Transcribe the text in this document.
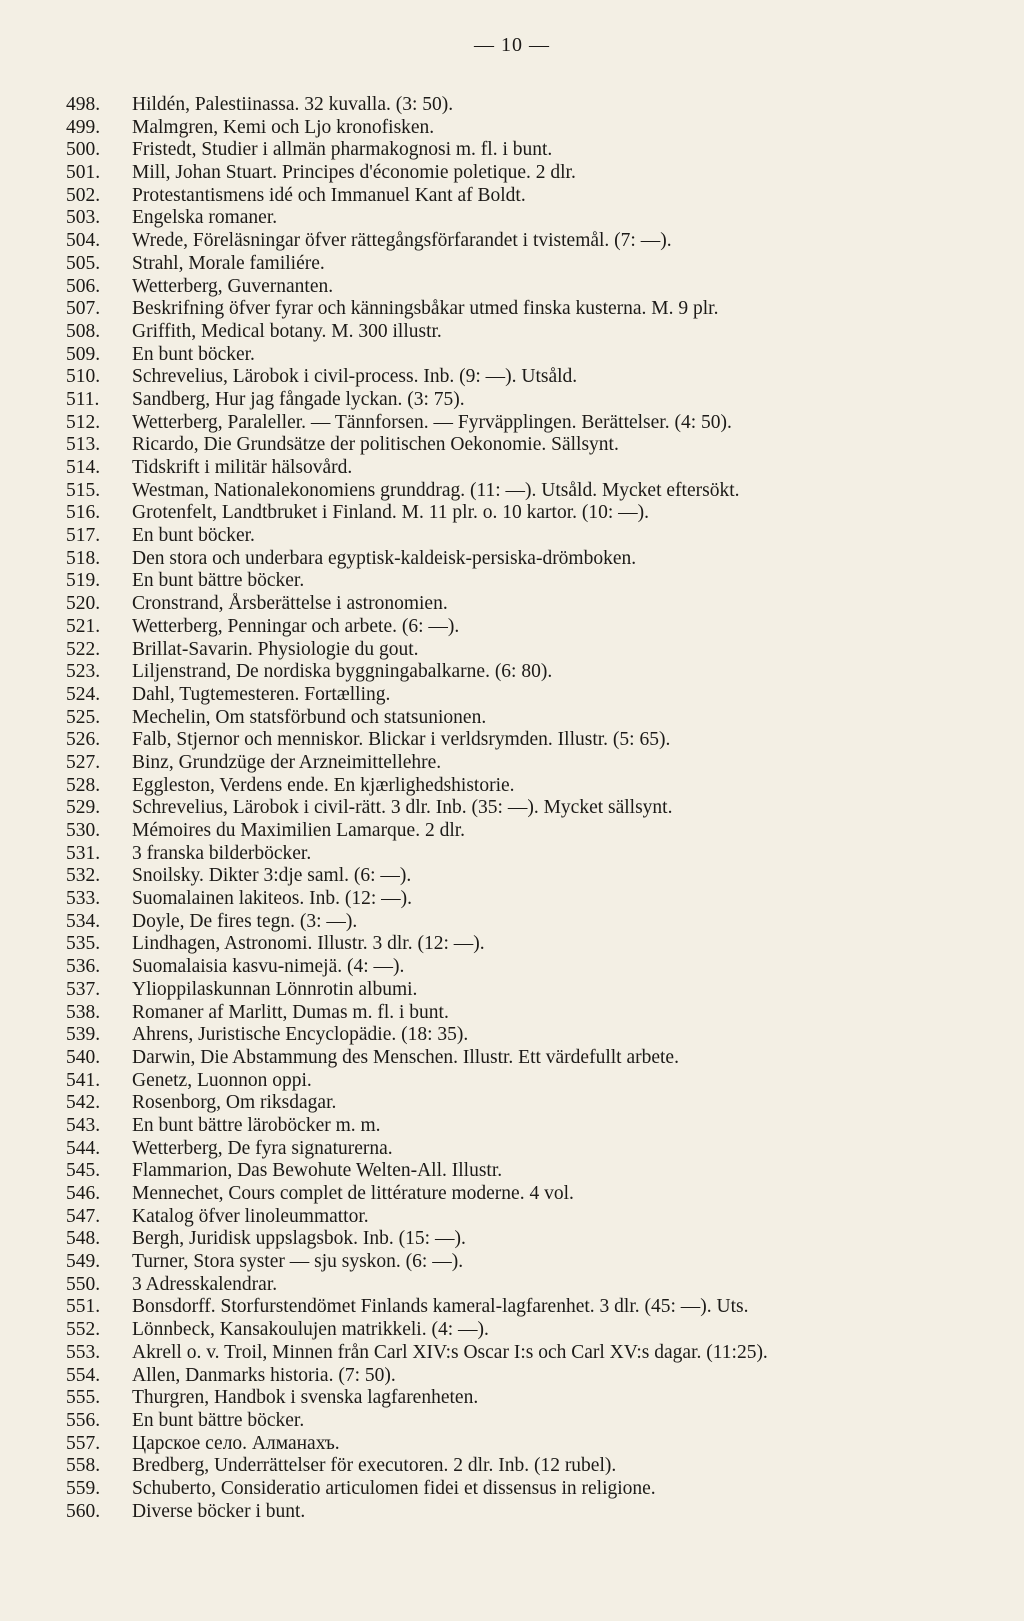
— 10 —
498.	Hildén, Palestiinassa. 32 kuvalla. (3: 50).
499.	Malmgren, Kemi och Ljo kronofisken.
500.	Fristedt, Studier i allmän pharmakognosi m. fl. i bunt.
501.	Mill, Johan Stuart. Principes d'économie poletique. 2 dlr.
502.	Protestantismens idé och Immanuel Kant af Boldt.
503.	Engelska romaner.
504.	Wrede, Föreläsningar öfver rättegångsförfarandet i tvistemål. (7: —).
505.	Strahl, Morale familiére.
506.	Wetterberg, Guvernanten.
507.	Beskrifning öfver fyrar och känningsbåkar utmed finska kusterna. M. 9 plr.
508.	Griffith, Medical botany. M. 300 illustr.
509.	En bunt böcker.
510.	Schrevelius, Lärobok i civil-process. Inb. (9: —). Utsåld.
511.	Sandberg, Hur jag fångade lyckan. (3: 75).
512.	Wetterberg, Paraleller. — Tännforsen. — Fyrväpplingen. Berättelser. (4: 50).
513.	Ricardo, Die Grundsätze der politischen Oekonomie. Sällsynt.
514.	Tidskrift i militär hälsovård.
515.	Westman, Nationalekonomiens grunddrag. (11: —). Utsåld. Mycket eftersökt.
516.	Grotenfelt, Landtbruket i Finland. M. 11 plr. o. 10 kartor. (10: —).
517.	En bunt böcker.
518.	Den stora och underbara egyptisk-kaldeisk-persiska-drömboken.
519.	En bunt bättre böcker.
520.	Cronstrand, Årsberättelse i astronomien.
521.	Wetterberg, Penningar och arbete. (6: —).
522.	Brillat-Savarin. Physiologie du gout.
523.	Liljenstrand, De nordiska byggningabalkarne. (6: 80).
524.	Dahl, Tugtemesteren. Fortælling.
525.	Mechelin, Om statsförbund och statsunionen.
526.	Falb, Stjernor och menniskor. Blickar i verldsrymden. Illustr. (5: 65).
527.	Binz, Grundzüge der Arzneimittellehre.
528.	Eggleston, Verdens ende. En kjærlighedshistorie.
529.	Schrevelius, Lärobok i civil-rätt. 3 dlr. Inb. (35: —). Mycket sällsynt.
530.	Mémoires du Maximilien Lamarque. 2 dlr.
531.	3 franska bilderböcker.
532.	Snoilsky. Dikter 3:dje saml. (6: —).
533.	Suomalainen lakiteos. Inb. (12: —).
534.	Doyle, De fires tegn. (3: —).
535.	Lindhagen, Astronomi. Illustr. 3 dlr. (12: —).
536.	Suomalaisia kasvu-nimejä. (4: —).
537.	Ylioppilaskunnan Lönnrotin albumi.
538.	Romaner af Marlitt, Dumas m. fl. i bunt.
539.	Ahrens, Juristische Encyclopädie. (18: 35).
540.	Darwin, Die Abstammung des Menschen. Illustr. Ett värdefullt arbete.
541.	Genetz, Luonnon oppi.
542.	Rosenborg, Om riksdagar.
543.	En bunt bättre läroböcker m. m.
544.	Wetterberg, De fyra signaturerna.
545.	Flammarion, Das Bewohute Welten-All. Illustr.
546.	Mennechet, Cours complet de littérature moderne. 4 vol.
547.	Katalog öfver linoleummattor.
548.	Bergh, Juridisk uppslagsbok. Inb. (15: —).
549.	Turner, Stora syster — sju syskon. (6: —).
550.	3 Adresskalendrar.
551.	Bonsdorff. Storfurstendömet Finlands kameral-lagfarenhet. 3 dlr. (45: —). Uts.
552.	Lönnbeck, Kansakoulujen matrikkeli. (4: —).
553.	Akrell o. v. Troil, Minnen från Carl XIV:s Oscar I:s och Carl XV:s dagar. (11:25).
554.	Allen, Danmarks historia. (7: 50).
555.	Thurgren, Handbok i svenska lagfarenheten.
556.	En bunt bättre böcker.
557.	Царское село. Алманахъ.
558.	Bredberg, Underrättelser för executoren. 2 dlr. Inb. (12 rubel).
559.	Schuberto, Consideratio articulomen fidei et dissensus in religione.
560.	Diverse böcker i bunt.
